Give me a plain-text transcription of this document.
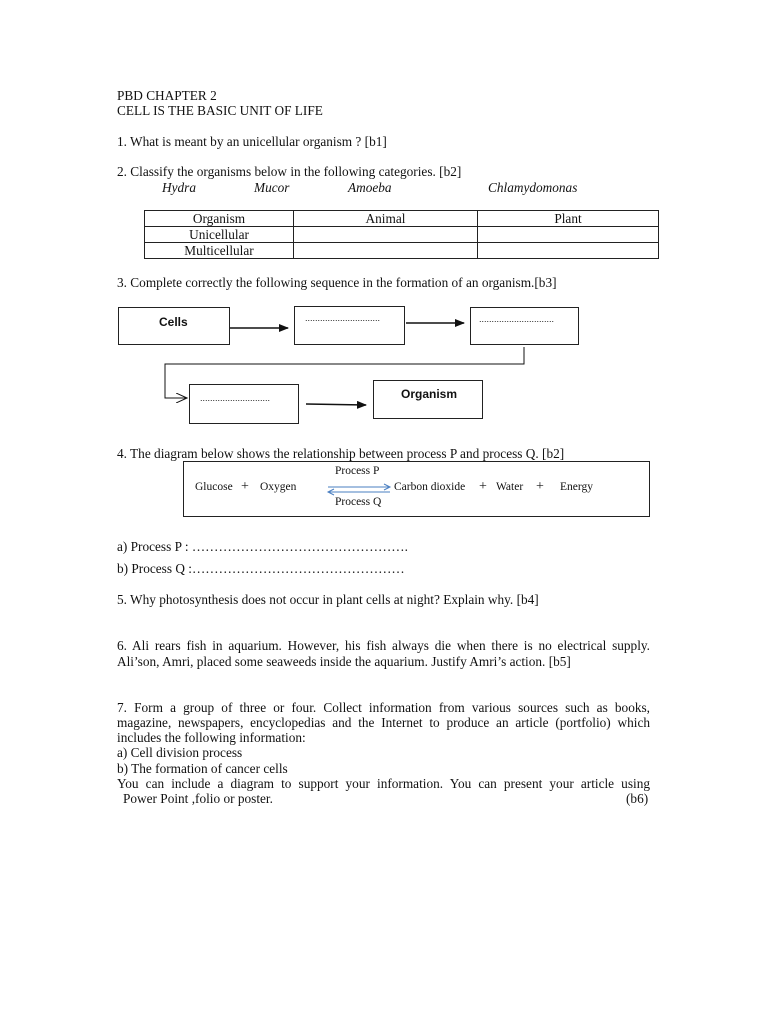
PBD CHAPTER 2
CELL IS THE BASIC UNIT OF LIFE
1. What is meant by an unicellular organism ? [b1]
2. Classify the organisms below in the following categories. [b2]
Hydra	Mucor	Amoeba	Chlamydomonas
Organism	Animal	Plant
Unicellular		
Multicellular		
3. Complete correctly the following sequence in the formation of an organism.[b3]
Cells	..............................	..............................
............................	Organism
4. The diagram below shows the relationship between process P and process Q. [b2]
Process P
Glucose + Oxygen	Carbon dioxide + Water + Energy
Process Q
a) Process P : ………………………………………….
b) Process Q :…………………………………………
5. Why photosynthesis does not occur in plant cells at night? Explain why. [b4]
6. Ali rears fish in aquarium. However, his fish always die when there is no electrical supply.
Ali’son, Amri, placed some seaweeds inside the aquarium. Justify Amri’s action. [b5]
7. Form a group of three or four. Collect information from various sources such as books,
magazine, newspapers, encyclopedias and the Internet to produce an article (portfolio) which
includes the following information:
a) Cell division process
b) The formation of cancer cells
You can include a diagram to support your information. You can present your article using
Power Point ,folio or poster.	(b6)
